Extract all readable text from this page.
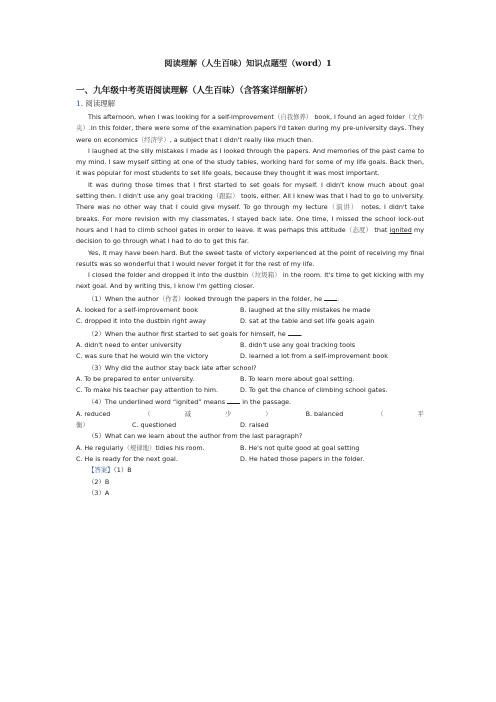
阅读理解（人生百味）知识点题型（word）1
一、九年级中考英语阅读理解（人生百味）（含答案详细解析）
1. 阅读理解

This afternoon, when I was looking for a self-improvement（自我修养） book, I found an aged folder（文件夹）.In this folder, there were some of the examination papers I'd taken during my pre-university days. They were on economics（经济学）, a subject that I didn't really like much then.

I laughed at the silly mistakes I made as I looked through the papers. And memories of the past came to my mind. I saw myself sitting at one of the study tables, working hard for some of my life goals. Back then, it was popular for most students to set life goals, because they thought it was most important.

It was during those times that I first started to set goals for myself. I didn't know much about goal setting then. I didn't use any goal tracking（跟踪） tools, either. All I knew was that I had to go to university. There was no other way that I could give myself. To go through my lecture（演讲） notes, I didn't take breaks. For more revision with my classmates, I stayed back late. One time, I missed the school lock-out hours and I had to climb school gates in order to leave. It was perhaps this attitude（态度） that ignited my decision to go through what I had to do to get this far.

Yes, it may have been hard. But the sweet taste of victory experienced at the point of receiving my final results was so wonderful that I would never forget it for the rest of my life.

I closed the folder and dropped it into the dustbin（垃圾箱） in the room. It's time to get kicking with my next goal. And by writing this, I know I'm getting closer.

（1）When the author（作者）looked through the papers in the folder, he .

A. looked for a self-improvement book	B. laughed at the silly mistakes he made
C. dropped it into the dustbin right away	D. sat at the table and set life goals again

（2）When the author first started to set goals for himself, he .

A. didn't need to enter university	B. didn't use any goal tracking tools
C. was sure that he would win the victory	D. learned a lot from a self-improvement book

（3）Why did the author stay back late after school?

A. To be prepared to enter university.	B. To learn more about goal setting.
C. To make his teacher pay attention to him.	D. To get the chance of climbing school gates.

（4）The underlined word “ignited” means	in the passage.

A. reduced	（	减	少	）	B. balanced	（	平
衡）	C. questioned	D. raised

（5）What can we learn about the author from the last paragraph?

A. He regularly（规律地）tidies his room.	B. He's not quite good at goal setting
C. He is ready for the next goal.	D. He hated those papers in the folder.

【答案】（1）B

（2）B

（3）A
